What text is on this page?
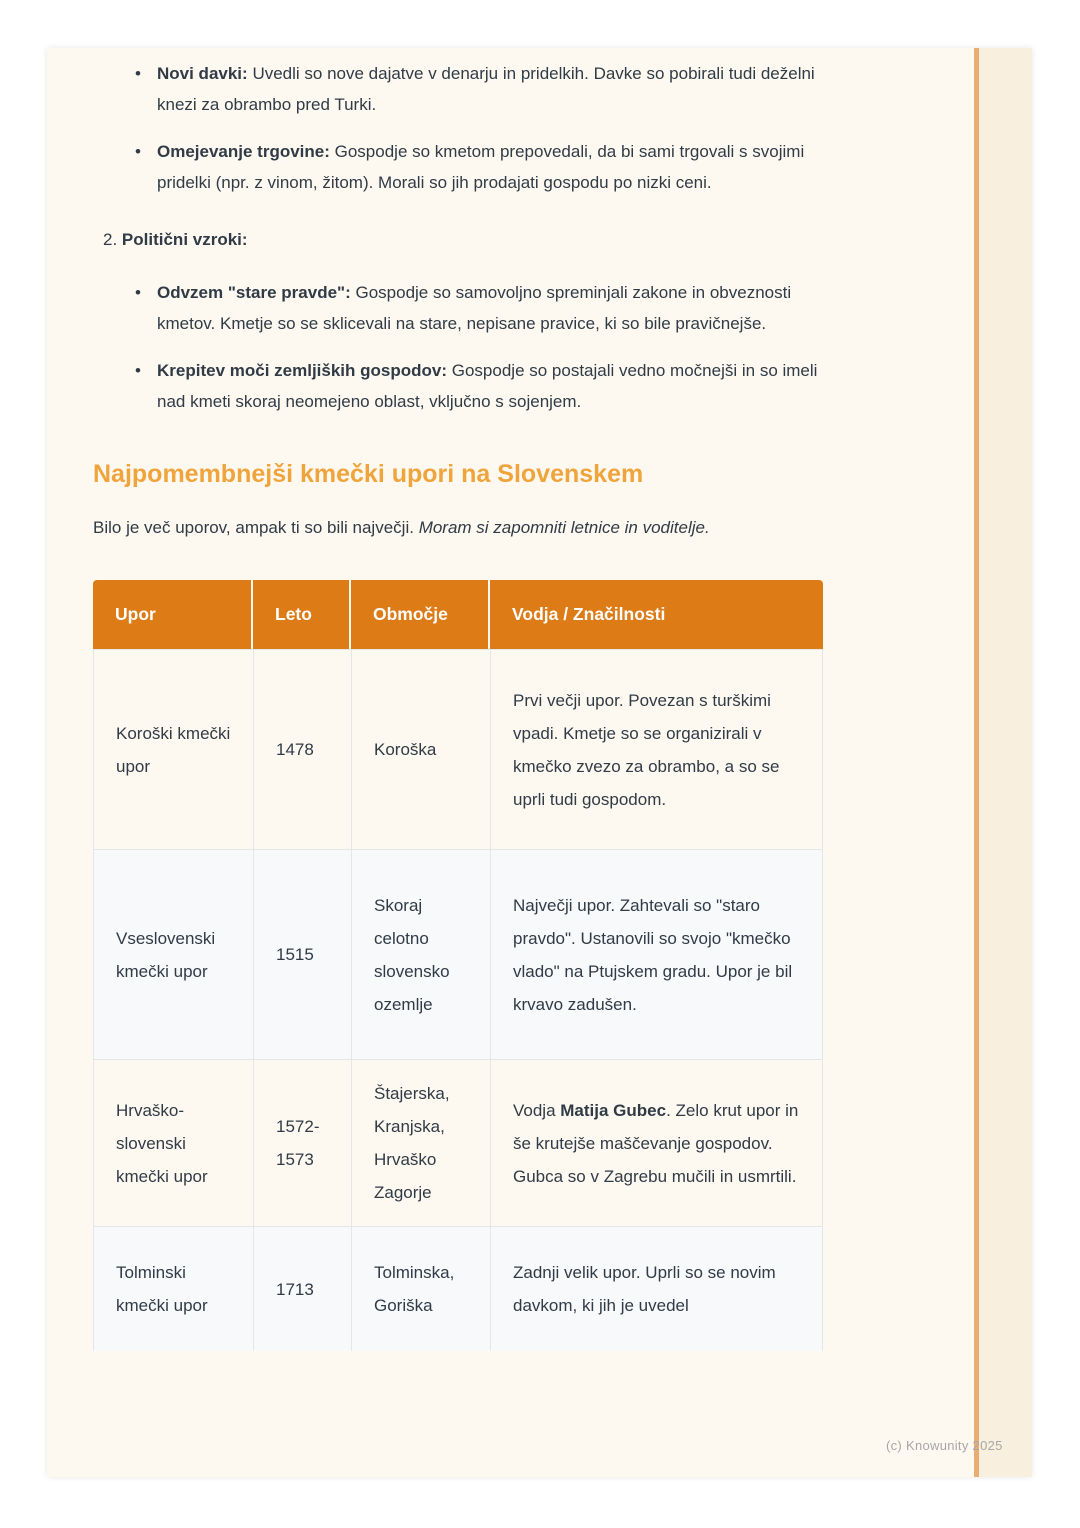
• Novi davki: Uvedli so nove dajatve v denarju in pridelkih. Davke so pobirali tudi deželni knezi za obrambo pred Turki.
• Omejevanje trgovine: Gospodje so kmetom prepovedali, da bi sami trgovali s svojimi pridelki (npr. z vinom, žitom). Morali so jih prodajati gospodu po nizki ceni.
2. Politični vzroki:
• Odvzem "stare pravde": Gospodje so samovoljno spreminjali zakone in obveznosti kmetov. Kmetje so se sklicevali na stare, nepisane pravice, ki so bile pravičnejše.
• Krepitev moči zemljiških gospodov: Gospodje so postajali vedno močnejši in so imeli nad kmeti skoraj neomejeno oblast, vključno s sojenjem.
Najpomembnejši kmečki upori na Slovenskem

Bilo je več uporov, ampak ti so bili največji. Moram si zapomniti letnice in voditelje.

Upor	Leto	Območje	Vodja / Značilnosti
Koroški kmečki upor	1478	Koroška	Prvi večji upor. Povezan s turškimi vpadi. Kmetje so se organizirali v kmečko zvezo za obrambo, a so se uprli tudi gospodom.
Vseslovenski kmečki upor	1515	Skoraj celotno slovensko ozemlje	Največji upor. Zahtevali so "staro pravdo". Ustanovili so svojo "kmečko vlado" na Ptujskem gradu. Upor je bil krvavo zadušen.
Hrvaško-slovenski kmečki upor	1572-1573	Štajerska, Kranjska, Hrvaško Zagorje	Vodja Matija Gubec. Zelo krut upor in še krutejše maščevanje gospodov. Gubca so v Zagrebu mučili in usmrtili.
Tolminski kmečki upor	1713	Tolminska, Goriška	Zadnji velik upor. Uprli so se novim davkom, ki jih je uvedel
(c) Knowunity 2025
